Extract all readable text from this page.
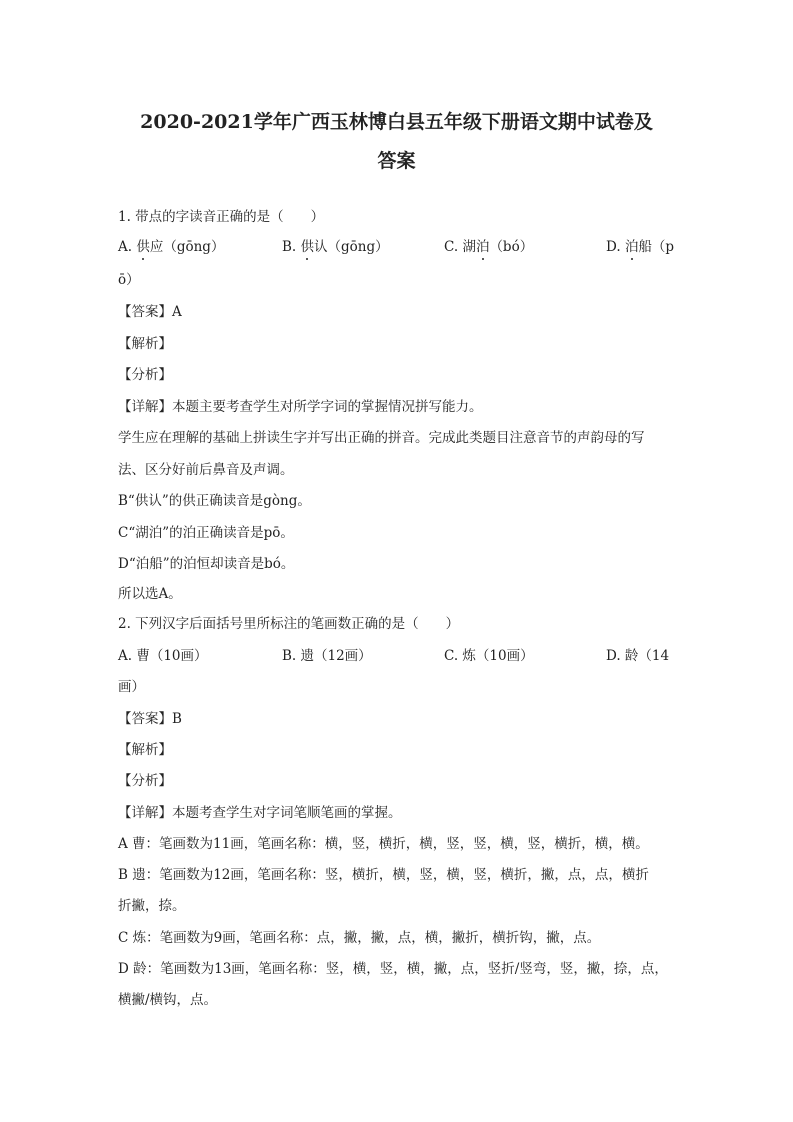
2020-2021学年广西玉林博白县五年级下册语文期中试卷及
答案
1. 带点的字读音正确的是（　　）
A. 供应（gōng）	B. 供认（gōng）	C. 湖泊（bó）	D. 泊船（p
ō）
【答案】A
【解析】
【分析】
【详解】本题主要考查学生对所学字词的掌握情况拼写能力。
学生应在理解的基础上拼读生字并写出正确的拼音。完成此类题目注意音节的声韵母的写
法、区分好前后鼻音及声调。
B“供认”的供正确读音是gòng。
C“湖泊”的泊正确读音是pō。
D“泊船”的泊恒却读音是bó。
所以选A。
2. 下列汉字后面括号里所标注的笔画数正确的是（　　）
A. 曹（10画）	B. 遗（12画）	C. 炼（10画）	D. 龄（14
画）
【答案】B
【解析】
【分析】
【详解】本题考查学生对字词笔顺笔画的掌握。
A 曹：笔画数为11画，笔画名称：横，竖，横折，横，竖，竖，横，竖，横折，横，横。
B 遗：笔画数为12画，笔画名称：竖，横折，横，竖，横，竖，横折，撇，点，点，横折
折撇，捺。
C 炼：笔画数为9画，笔画名称：点，撇，撇，点，横，撇折，横折钩，撇，点。
D 龄：笔画数为13画，笔画名称：竖，横，竖，横，撇，点，竖折/竖弯，竖，撇，捺，点，
横撇/横钩，点。
